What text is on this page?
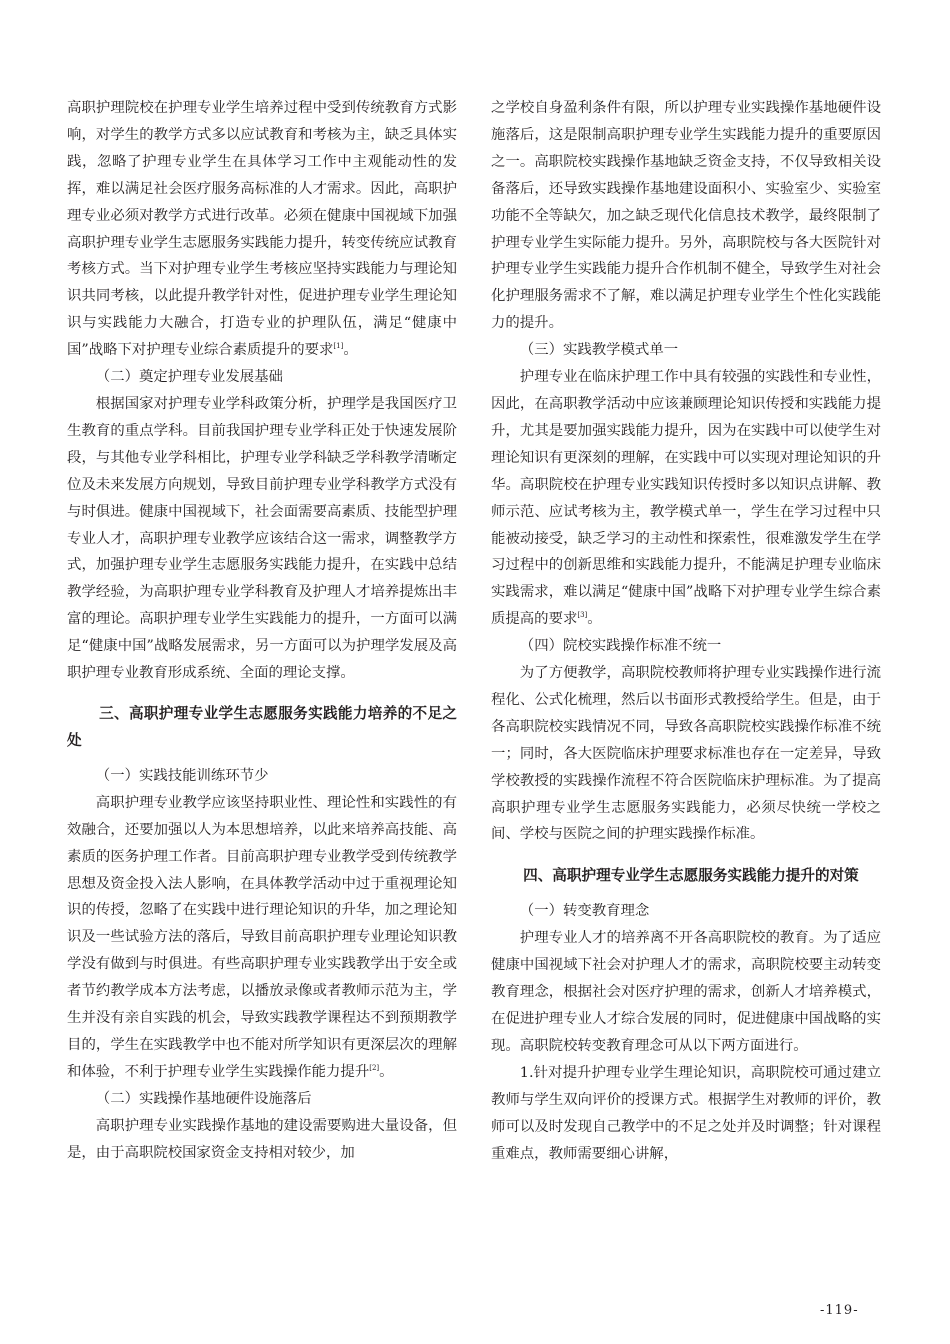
高职护理院校在护理专业学生培养过程中受到传统教育方式影响，对学生的教学方式多以应试教育和考核为主，缺乏具体实践，忽略了护理专业学生在具体学习工作中主观能动性的发挥，难以满足社会医疗服务高标准的人才需求。因此，高职护理专业必须对教学方式进行改革。必须在健康中国视域下加强高职护理专业学生志愿服务实践能力提升，转变传统应试教育考核方式。当下对护理专业学生考核应坚持实践能力与理论知识共同考核，以此提升教学针对性，促进护理专业学生理论知识与实践能力大融合，打造专业的护理队伍，满足“健康中国”战略下对护理专业综合素质提升的要求[1]。

（二）奠定护理专业发展基础

根据国家对护理专业学科政策分析，护理学是我国医疗卫生教育的重点学科。目前我国护理专业学科正处于快速发展阶段，与其他专业学科相比，护理专业学科缺乏学科教学清晰定位及未来发展方向规划，导致目前护理专业学科教学方式没有与时俱进。健康中国视域下，社会面需要高素质、技能型护理专业人才，高职护理专业教学应该结合这一需求，调整教学方式，加强护理专业学生志愿服务实践能力提升，在实践中总结教学经验，为高职护理专业学科教育及护理人才培养提炼出丰富的理论。高职护理专业学生实践能力的提升，一方面可以满足“健康中国”战略发展需求，另一方面可以为护理学发展及高职护理专业教育形成系统、全面的理论支撑。

三、高职护理专业学生志愿服务实践能力培养的不足之处

（一）实践技能训练环节少

高职护理专业教学应该坚持职业性、理论性和实践性的有效融合，还要加强以人为本思想培养，以此来培养高技能、高素质的医务护理工作者。目前高职护理专业教学受到传统教学思想及资金投入法人影响，在具体教学活动中过于重视理论知识的传授，忽略了在实践中进行理论知识的升华，加之理论知识及一些试验方法的落后，导致目前高职护理专业理论知识教学没有做到与时俱进。有些高职护理专业实践教学出于安全或者节约教学成本方法考虑，以播放录像或者教师示范为主，学生并没有亲自实践的机会，导致实践教学课程达不到预期教学目的，学生在实践教学中也不能对所学知识有更深层次的理解和体验，不利于护理专业学生实践操作能力提升[2]。

（二）实践操作基地硬件设施落后

高职护理专业实践操作基地的建设需要购进大量设备，但是，由于高职院校国家资金支持相对较少，加

之学校自身盈利条件有限，所以护理专业实践操作基地硬件设施落后，这是限制高职护理专业学生实践能力提升的重要原因之一。高职院校实践操作基地缺乏资金支持，不仅导致相关设备落后，还导致实践操作基地建设面积小、实验室少、实验室功能不全等缺欠，加之缺乏现代化信息技术教学，最终限制了护理专业学生实际能力提升。另外，高职院校与各大医院针对护理专业学生实践能力提升合作机制不健全，导致学生对社会化护理服务需求不了解，难以满足护理专业学生个性化实践能力的提升。

（三）实践教学模式单一

护理专业在临床护理工作中具有较强的实践性和专业性，因此，在高职教学活动中应该兼顾理论知识传授和实践能力提升，尤其是要加强实践能力提升，因为在实践中可以使学生对理论知识有更深刻的理解，在实践中可以实现对理论知识的升华。高职院校在护理专业实践知识传授时多以知识点讲解、教师示范、应试考核为主，教学模式单一，学生在学习过程中只能被动接受，缺乏学习的主动性和探索性，很难激发学生在学习过程中的创新思维和实践能力提升，不能满足护理专业临床实践需求，难以满足“健康中国”战略下对护理专业学生综合素质提高的要求[3]。

（四）院校实践操作标准不统一

为了方便教学，高职院校教师将护理专业实践操作进行流程化、公式化梳理，然后以书面形式教授给学生。但是，由于各高职院校实践情况不同，导致各高职院校实践操作标准不统一；同时，各大医院临床护理要求标准也存在一定差异，导致学校教授的实践操作流程不符合医院临床护理标准。为了提高高职护理专业学生志愿服务实践能力，必须尽快统一学校之间、学校与医院之间的护理实践操作标准。

四、高职护理专业学生志愿服务实践能力提升的对策

（一）转变教育理念

护理专业人才的培养离不开各高职院校的教育。为了适应健康中国视域下社会对护理人才的需求，高职院校要主动转变教育理念，根据社会对医疗护理的需求，创新人才培养模式，在促进护理专业人才综合发展的同时，促进健康中国战略的实现。高职院校转变教育理念可从以下两方面进行。

1.针对提升护理专业学生理论知识，高职院校可通过建立教师与学生双向评价的授课方式。根据学生对教师的评价，教师可以及时发现自己教学中的不足之处并及时调整；针对课程重难点，教师需要细心讲解，

-119-
